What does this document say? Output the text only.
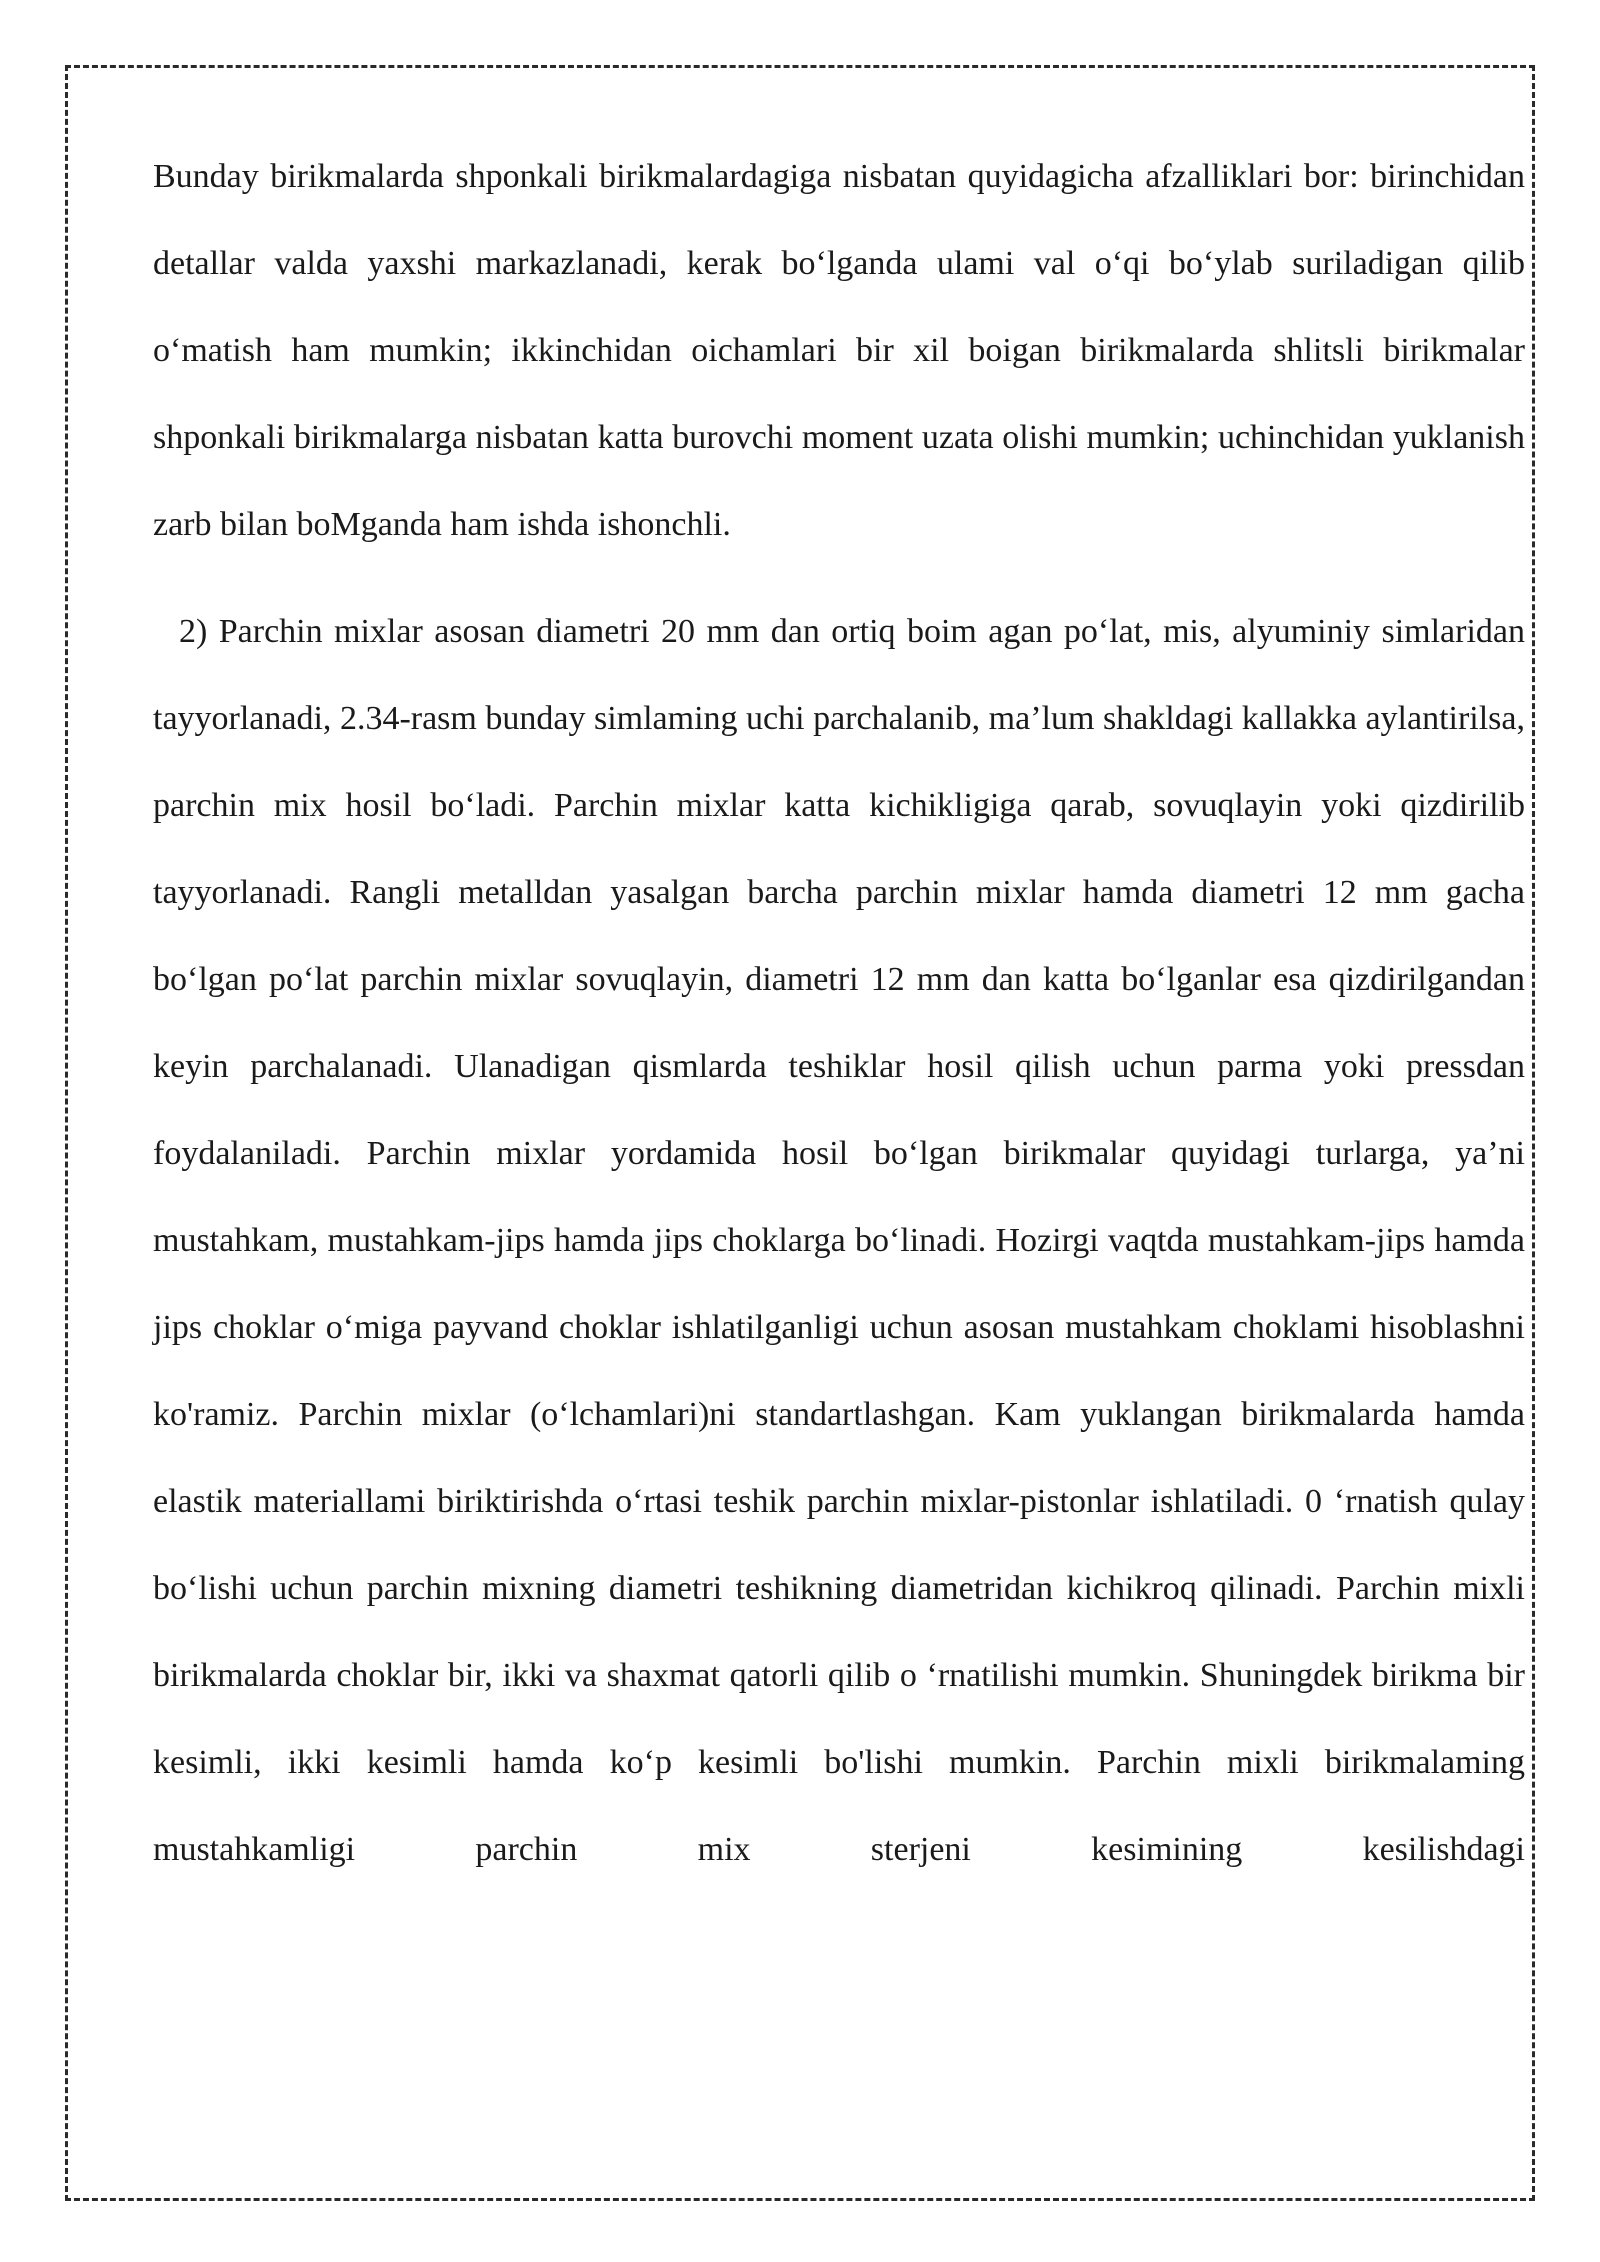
Bunday birikmalarda shponkali birikmalardagiga nisbatan quyidagicha afzalliklari bor: birinchidan detallar valda yaxshi markazlanadi, kerak bo‘lganda ulami val o‘qi bo‘ylab suriladigan qilib o‘matish ham mumkin; ikkinchidan oichamlari bir xil boigan birikmalarda shlitsli birikmalar shponkali birikmalarga nisbatan katta burovchi moment uzata olishi mumkin; uchinchidan yuklanish zarb bilan boMganda ham ishda ishonchli.

2) Parchin mixlar asosan diametri 20 mm dan ortiq boim agan po‘lat, mis, alyuminiy simlaridan tayyorlanadi, 2.34-rasm bunday simlaming uchi parchalanib, ma’lum shakldagi kallakka aylantirilsa, parchin mix hosil bo‘ladi. Parchin mixlar katta kichikligiga qarab, sovuqlayin yoki qizdirilib tayyorlanadi. Rangli metalldan yasalgan barcha parchin mixlar hamda diametri 12 mm gacha bo‘lgan po‘lat parchin mixlar sovuqlayin, diametri 12 mm dan katta bo‘lganlar esa qizdirilgandan keyin parchalanadi. Ulanadigan qismlarda teshiklar hosil qilish uchun parma yoki pressdan foydalaniladi. Parchin mixlar yordamida hosil bo‘lgan birikmalar quyidagi turlarga, ya’ni mustahkam, mustahkam-jips hamda jips choklarga bo‘linadi. Hozirgi vaqtda mustahkam-jips hamda jips choklar o‘miga payvand choklar ishlatilganligi uchun asosan mustahkam choklami hisoblashni ko'ramiz. Parchin mixlar (o‘lchamlari)ni standartlashgan. Kam yuklangan birikmalarda hamda elastik materiallami biriktirishda o‘rtasi teshik parchin mixlar-pistonlar ishlatiladi. 0 ‘rnatish qulay bo‘lishi uchun parchin mixning diametri teshikning diametridan kichikroq qilinadi. Parchin mixli birikmalarda choklar bir, ikki va shaxmat qatorli qilib o ‘rnatilishi mumkin. Shuningdek birikma bir kesimli, ikki kesimli hamda ko‘p kesimli bo'lishi mumkin. Parchin mixli birikmalaming mustahkamligi parchin mix sterjeni kesimining kesilishdagi
